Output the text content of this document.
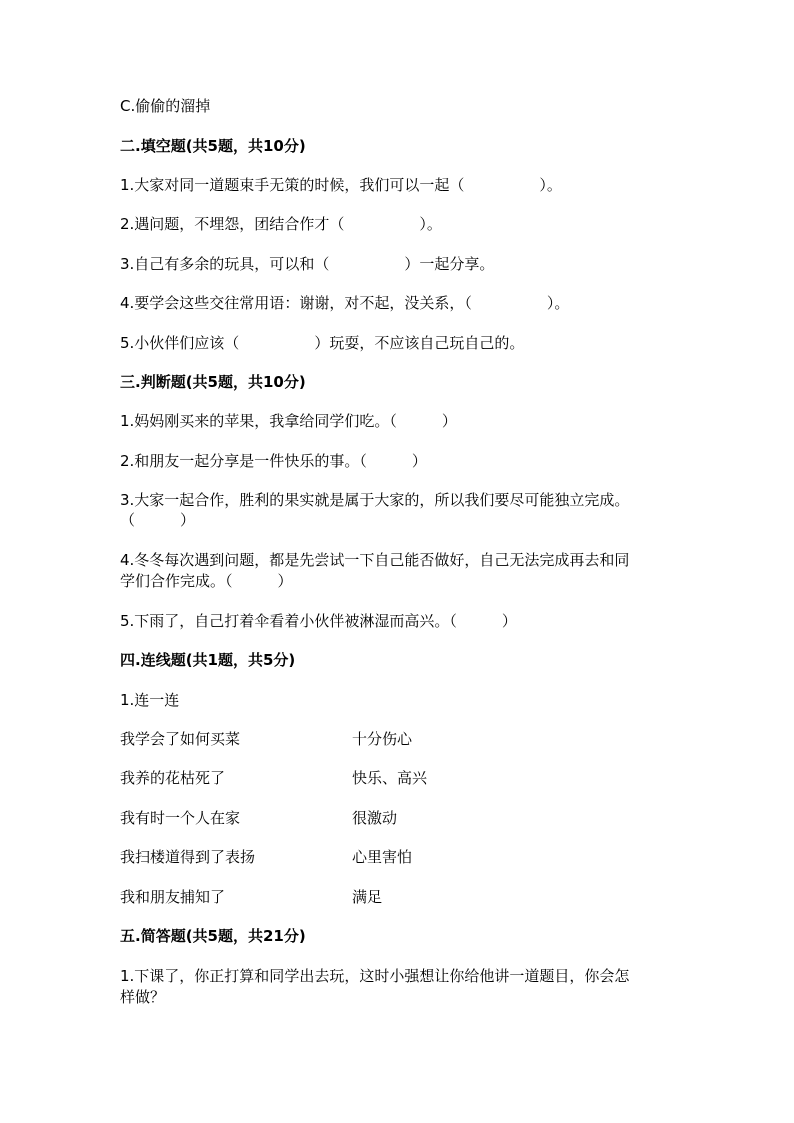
C.偷偷的溜掉
二.填空题(共5题，共10分)
1.大家对同一道题束手无策的时候，我们可以一起（　　　　　）。
2.遇问题，不埋怨，团结合作才（　　　　　）。
3.自己有多余的玩具，可以和（　　　　　）一起分享。
4.要学会这些交往常用语：谢谢，对不起，没关系，（　　　　　）。
5.小伙伴们应该（　　　　　）玩耍，不应该自己玩自己的。
三.判断题(共5题，共10分)
1.妈妈刚买来的苹果，我拿给同学们吃。（　　　）
2.和朋友一起分享是一件快乐的事。（　　　）
3.大家一起合作，胜利的果实就是属于大家的，所以我们要尽可能独立完成。
（　　　）
4.冬冬每次遇到问题，都是先尝试一下自己能否做好，自己无法完成再去和同
学们合作完成。（　　　）
5.下雨了，自己打着伞看着小伙伴被淋湿而高兴。（　　　）
四.连线题(共1题，共5分)
1.连一连
我学会了如何买菜	十分伤心
我养的花枯死了	快乐、高兴
我有时一个人在家	很激动
我扫楼道得到了表扬	心里害怕
我和朋友捕知了	满足
五.简答题(共5题，共21分)
1.下课了，你正打算和同学出去玩，这时小强想让你给他讲一道题目，你会怎
样做？
